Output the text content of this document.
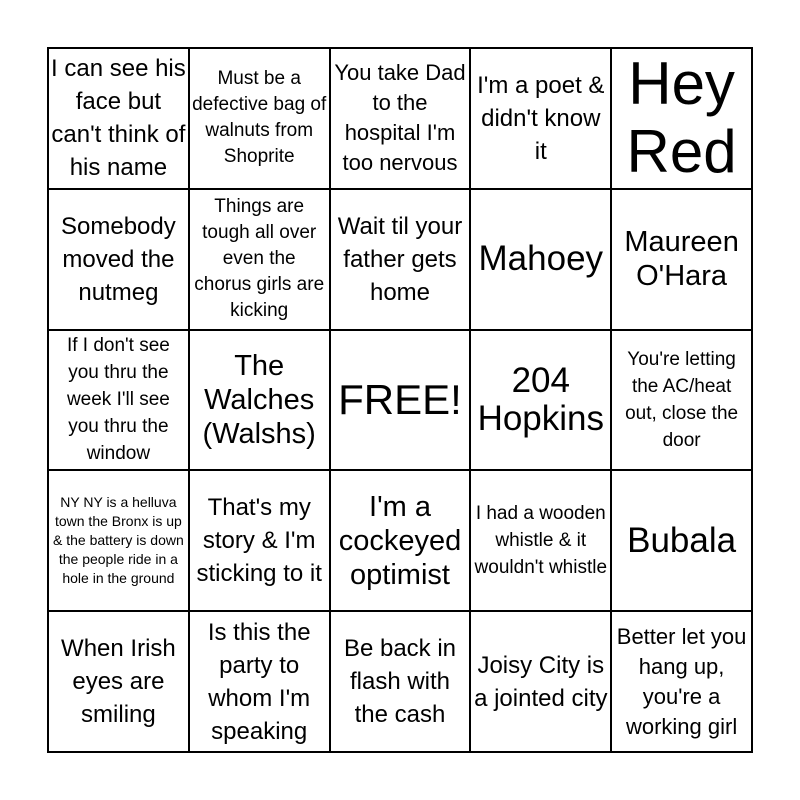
I can see his face but can't think of his name
Must be a defective bag of walnuts from Shoprite
You take Dad to the hospital I'm too nervous
I'm a poet & didn't know it
Hey Red
Somebody moved the nutmeg
Things are tough all over even the chorus girls are kicking
Wait til your father gets home
Mahoey Maureen O'Hara
If I don't see you thru the week I'll see you thru the window
The Walches (Walshs)
FREE!	204 Hopkins
You're letting the AC/heat out, close the door
NY NY is a helluva town the Bronx is up & the battery is down
the people ride in a hole in the ground
That's my story & I'm sticking to it
I'm a cockeyed optimist
I had a wooden whistle & it wouldn't whistle
Bubala
When Irish eyes are smiling
Is this the party to whom I'm speaking
Be back in flash with the cash
Joisy City is a jointed city
Better let you hang up, you're a working girl
